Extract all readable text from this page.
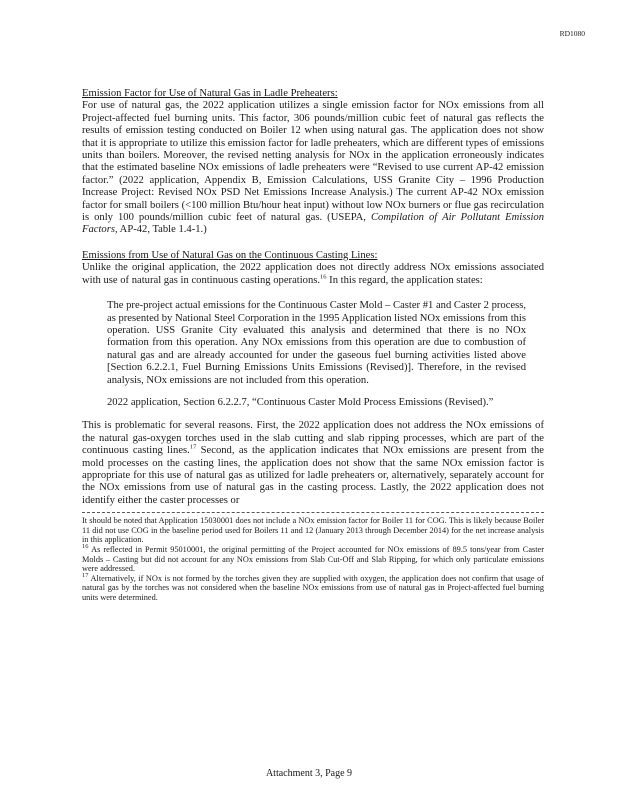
RD1080

Emission Factor for Use of Natural Gas in Ladle Preheaters:

For use of natural gas, the 2022 application utilizes a single emission factor for NOx emissions from all Project-affected fuel burning units. This factor, 306 pounds/million cubic feet of natural gas reflects the results of emission testing conducted on Boiler 12 when using natural gas. The application does not show that it is appropriate to utilize this emission factor for ladle preheaters, which are different types of emissions units than boilers. Moreover, the revised netting analysis for NOx in the application erroneously indicates that the estimated baseline NOx emissions of ladle preheaters were “Revised to use current AP-42 emission factor.” (2022 application, Appendix B, Emission Calculations, USS Granite City – 1996 Production Increase Project: Revised NOx PSD Net Emissions Increase Analysis.) The current AP-42 NOx emission factor for small boilers (<100 million Btu/hour heat input) without low NOx burners or flue gas recirculation is only 100 pounds/million cubic feet of natural gas. (USEPA, Compilation of Air Pollutant Emission Factors, AP-42, Table 1.4-1.)

Emissions from Use of Natural Gas on the Continuous Casting Lines:

Unlike the original application, the 2022 application does not directly address NOx emissions associated with use of natural gas in continuous casting operations.$^{16}$ In this regard, the application states:

The pre-project actual emissions for the Continuous Caster Mold – Caster #1 and Caster 2 process, as presented by National Steel Corporation in the 1995 Application listed NOx emissions from this operation. USS Granite City evaluated this analysis and determined that there is no NOx formation from this operation. Any NOx emissions from this operation are due to combustion of natural gas and are already accounted for under the gaseous fuel burning activities listed above [Section 6.2.2.1, Fuel Burning Emissions Units Emissions (Revised)]. Therefore, in the revised analysis, NOx emissions are not included from this operation.

2022 application, Section 6.2.2.7, “Continuous Caster Mold Process Emissions (Revised).”

This is problematic for several reasons. First, the 2022 application does not address the NOx emissions of the natural gas-oxygen torches used in the slab cutting and slab ripping processes, which are part of the continuous casting lines.$^{17}$ Second, as the application indicates that NOx emissions are present from the mold processes on the casting lines, the application does not show that the same NOx emission factor is appropriate for this use of natural gas as utilized for ladle preheaters or, alternatively, separately account for the NOx emissions from use of natural gas in the casting process. Lastly, the 2022 application does not identify either the caster processes or

It should be noted that Application 15030001 does not include a NOx emission factor for Boiler 11 for COG. This is likely because Boiler 11 did not use COG in the baseline period used for Boilers 11 and 12 (January 2013 through December 2014) for the net increase analysis in this application.

$^{16}$ As reflected in Permit 95010001, the original permitting of the Project accounted for NOx emissions of 89.5 tons/year from Caster Molds – Casting but did not account for any NOx emissions from Slab Cut-Off and Slab Ripping, for which only particulate emissions were addressed.

$^{17}$ Alternatively, if NOx is not formed by the torches given they are supplied with oxygen, the application does not confirm that usage of natural gas by the torches was not considered when the baseline NOx emissions from use of natural gas in Project-affected fuel burning units were determined.

Attachment 3, Page 9
